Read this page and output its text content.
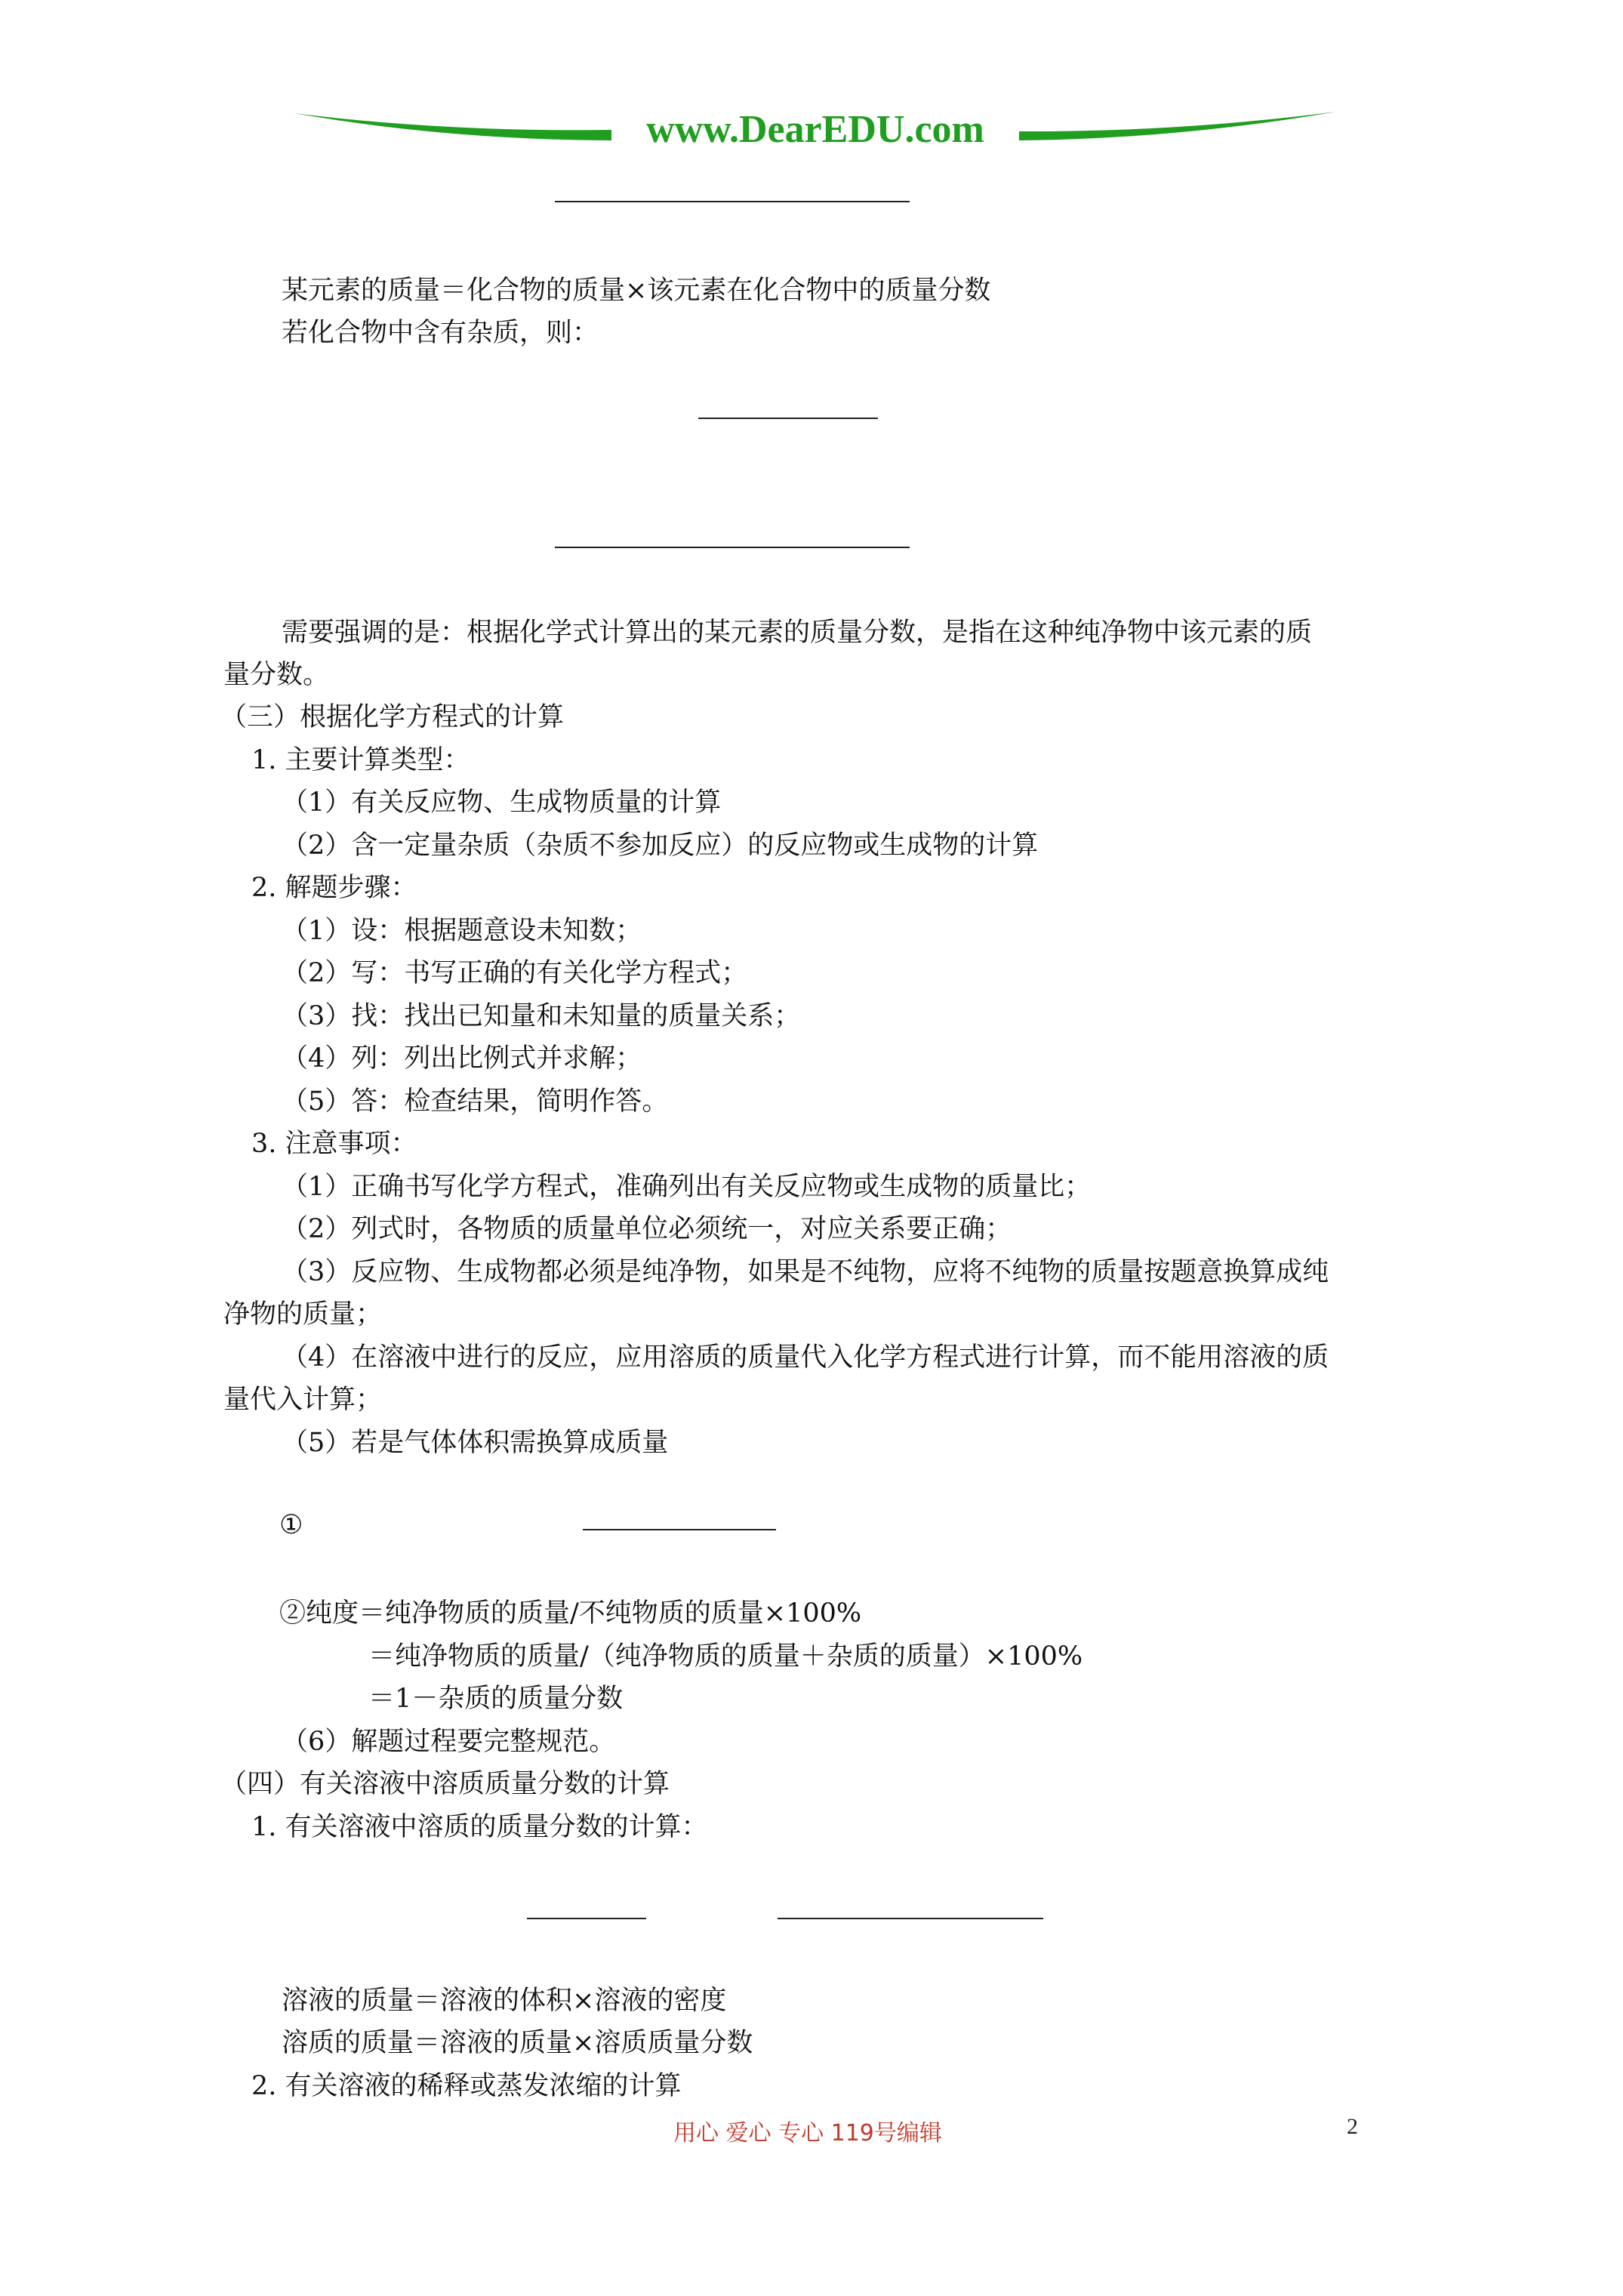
www.DearEDU.com
某元素的质量＝化合物的质量×该元素在化合物中的质量分数
若化合物中含有杂质，则：
需要强调的是：根据化学式计算出的某元素的质量分数，是指在这种纯净物中该元素的质
量分数。
（三）根据化学方程式的计算
1. 主要计算类型：
（1）有关反应物、生成物质量的计算
（2）含一定量杂质（杂质不参加反应）的反应物或生成物的计算
2. 解题步骤：
（1）设：根据题意设未知数；
（2）写：书写正确的有关化学方程式；
（3）找：找出已知量和未知量的质量关系；
（4）列：列出比例式并求解；
（5）答：检查结果，简明作答。
3. 注意事项：
（1）正确书写化学方程式，准确列出有关反应物或生成物的质量比；
（2）列式时，各物质的质量单位必须统一，对应关系要正确；
（3）反应物、生成物都必须是纯净物，如果是不纯物，应将不纯物的质量按题意换算成纯
净物的质量；
（4）在溶液中进行的反应，应用溶质的质量代入化学方程式进行计算，而不能用溶液的质
量代入计算；
（5）若是气体体积需换算成质量
①
②纯度＝纯净物质的质量/不纯物质的质量×100%
＝纯净物质的质量/（纯净物质的质量＋杂质的质量）×100%
＝1－杂质的质量分数
（6）解题过程要完整规范。
（四）有关溶液中溶质质量分数的计算
1. 有关溶液中溶质的质量分数的计算：
溶液的质量＝溶液的体积×溶液的密度
溶质的质量＝溶液的质量×溶质质量分数
2. 有关溶液的稀释或蒸发浓缩的计算
用心 爱心 专心 119号编辑	2
